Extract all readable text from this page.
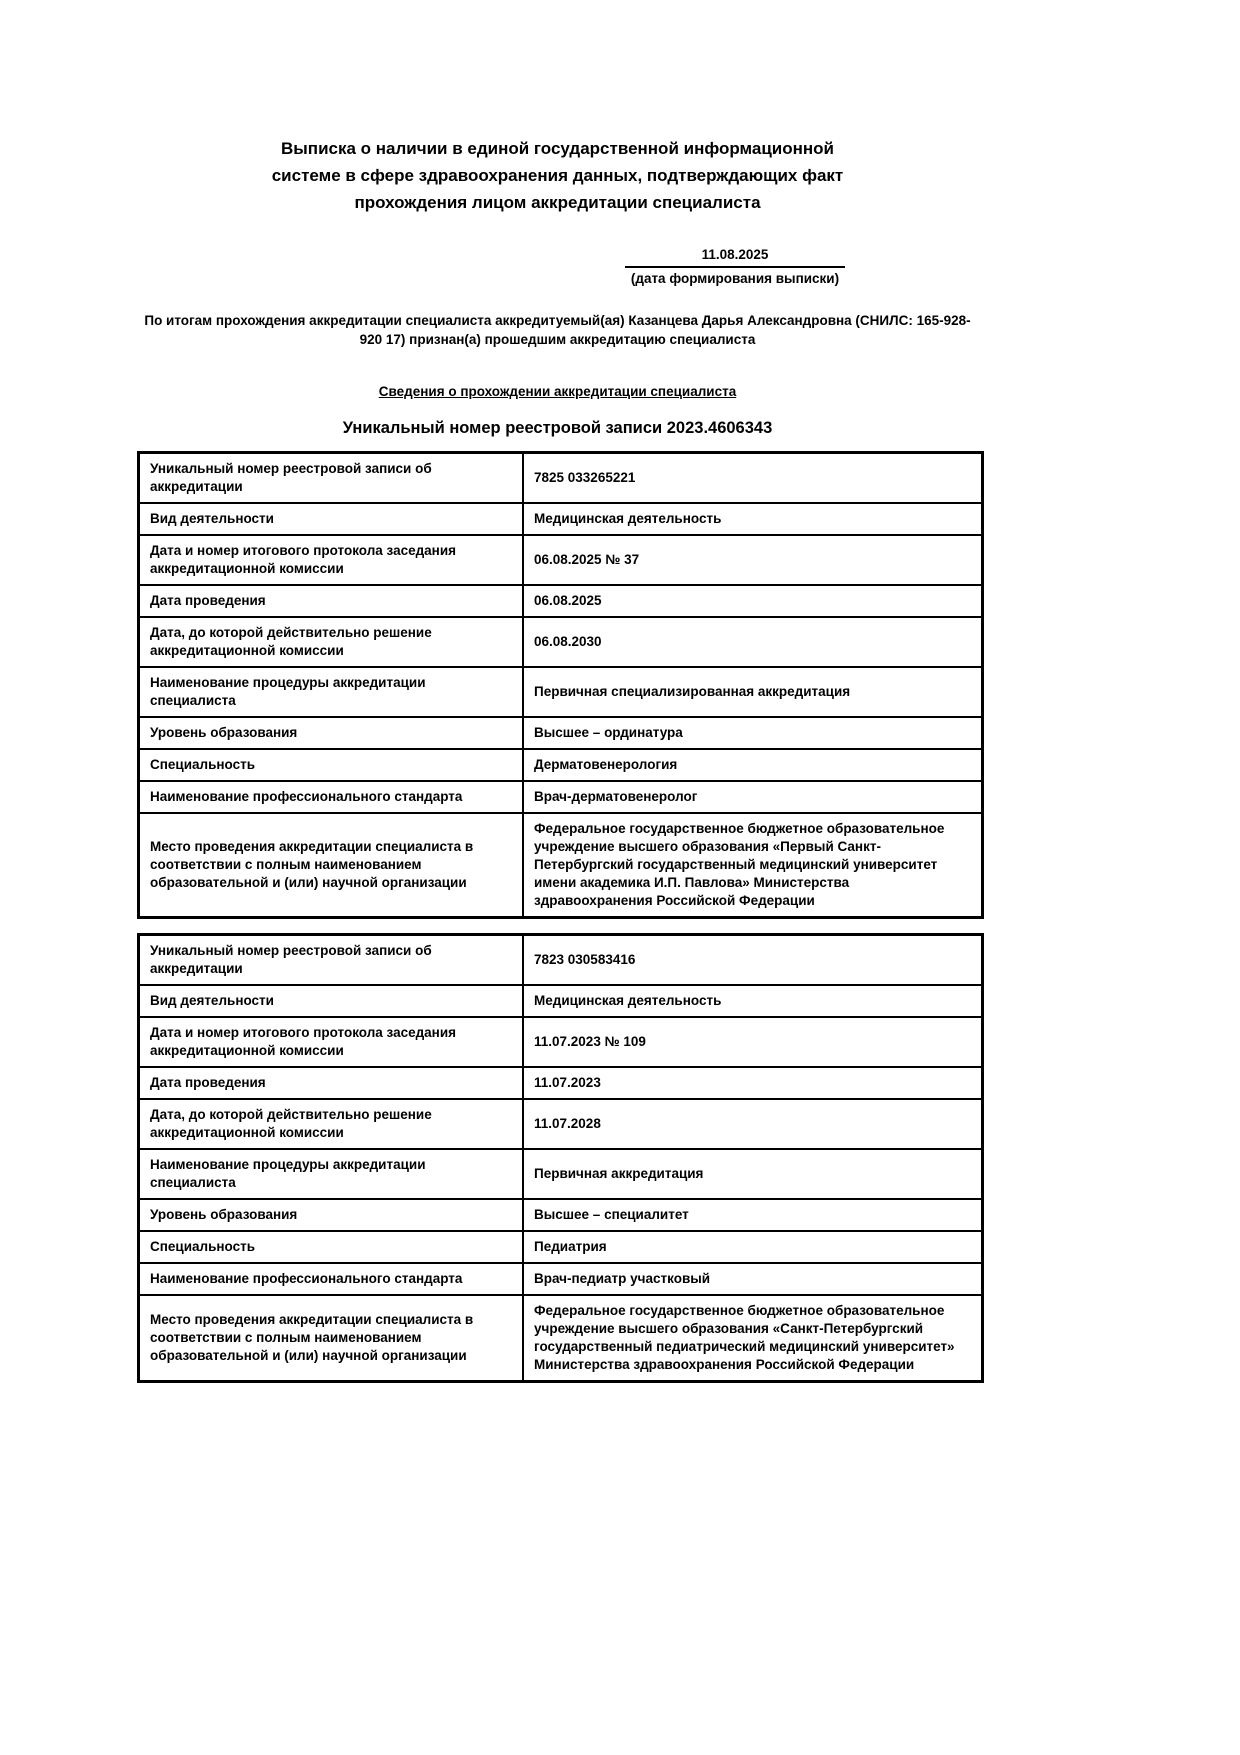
Выписка о наличии в единой государственной информационной
системе в сфере здравоохранения данных, подтверждающих факт
прохождения лицом аккредитации специалиста
11.08.2025
(дата формирования выписки)

По итогам прохождения аккредитации специалиста аккредитуемый(ая) Казанцева Дарья Александровна (СНИЛС: 165-928-920 17) признан(а) прошедшим аккредитацию специалиста

Сведения о прохождении аккредитации специалиста
Уникальный номер реестровой записи 2023.4606343
Уникальный номер реестровой записи об аккредитации	7825 033265221
Вид деятельности	Медицинская деятельность
Дата и номер итогового протокола заседания аккредитационной комиссии	06.08.2025 № 37
Дата проведения	06.08.2025
Дата, до которой действительно решение аккредитационной комиссии	06.08.2030
Наименование процедуры аккредитации специалиста	Первичная специализированная аккредитация
Уровень образования	Высшее – ординатура
Специальность	Дерматовенерология
Наименование профессионального стандарта	Врач-дерматовенеролог
Место проведения аккредитации специалиста в соответствии с полным наименованием образовательной и (или) научной организации	Федеральное государственное бюджетное образовательное учреждение высшего образования «Первый Санкт-Петербургский государственный медицинский университет имени академика И.П. Павлова» Министерства здравоохранения Российской Федерации
Уникальный номер реестровой записи об аккредитации	7823 030583416
Вид деятельности	Медицинская деятельность
Дата и номер итогового протокола заседания аккредитационной комиссии	11.07.2023 № 109
Дата проведения	11.07.2023
Дата, до которой действительно решение аккредитационной комиссии	11.07.2028
Наименование процедуры аккредитации специалиста	Первичная аккредитация
Уровень образования	Высшее – специалитет
Специальность	Педиатрия
Наименование профессионального стандарта	Врач-педиатр участковый
Место проведения аккредитации специалиста в соответствии с полным наименованием образовательной и (или) научной организации	Федеральное государственное бюджетное образовательное учреждение высшего образования «Санкт-Петербургский государственный педиатрический медицинский университет» Министерства здравоохранения Российской Федерации
